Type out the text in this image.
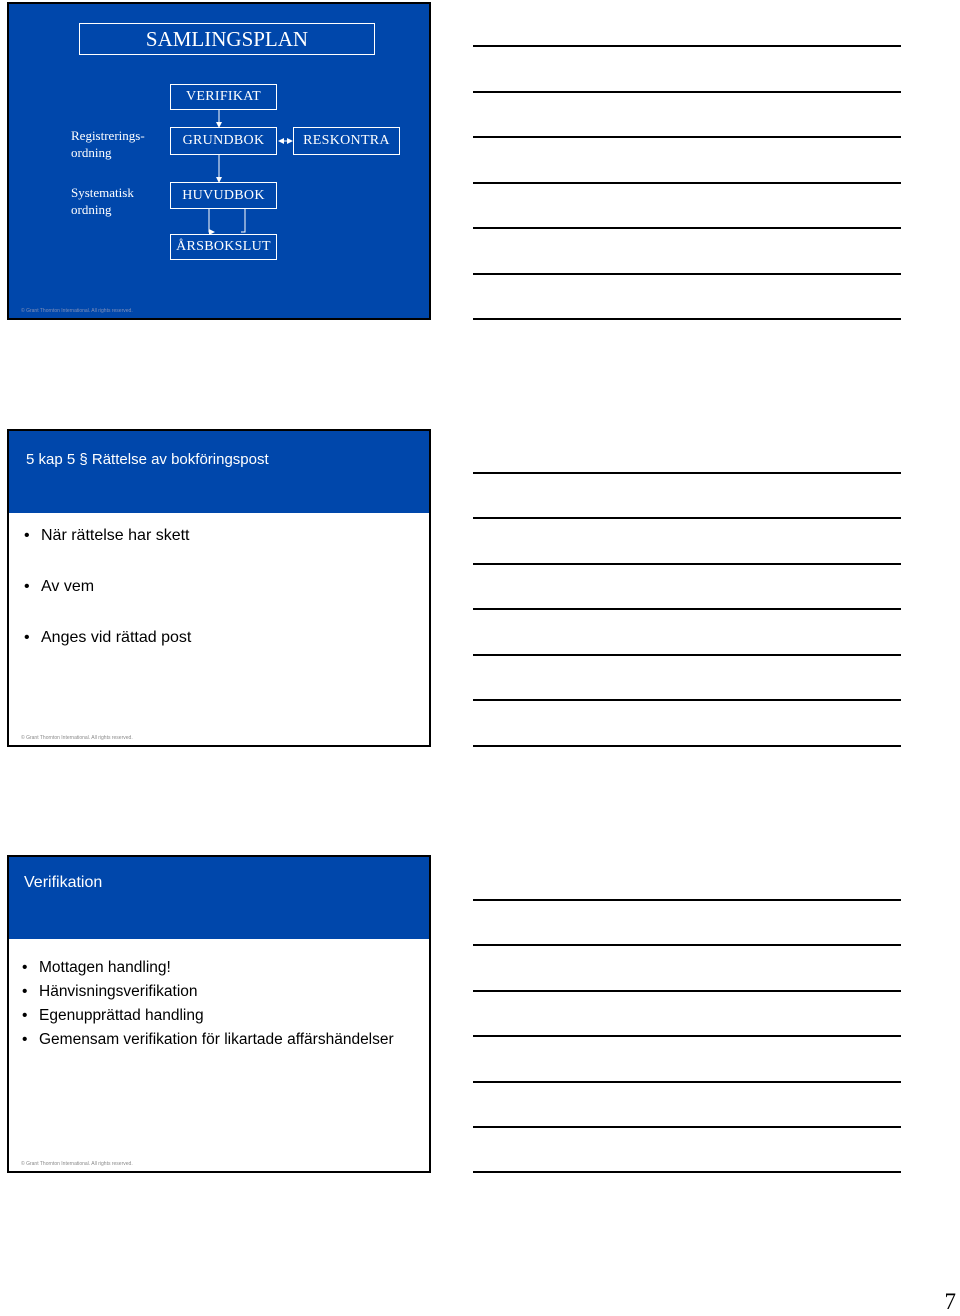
SAMLINGSPLAN
VERIFIKAT
GRUNDBOK	RESKONTRA
HUVUDBOK
ÅRSBOKSLUT
Registrerings-
ordning
Systematisk
ordning
© Grant Thornton International. All rights reserved.
5 kap 5 § Rättelse av bokföringspost
• När rättelse har skett
• Av vem
• Anges vid rättad post
© Grant Thornton International. All rights reserved.
Verifikation
• Mottagen handling!
• Hänvisningsverifikation
• Egenupprättad handling
• Gemensam verifikation för likartade affärshändelser
© Grant Thornton International. All rights reserved.
7
